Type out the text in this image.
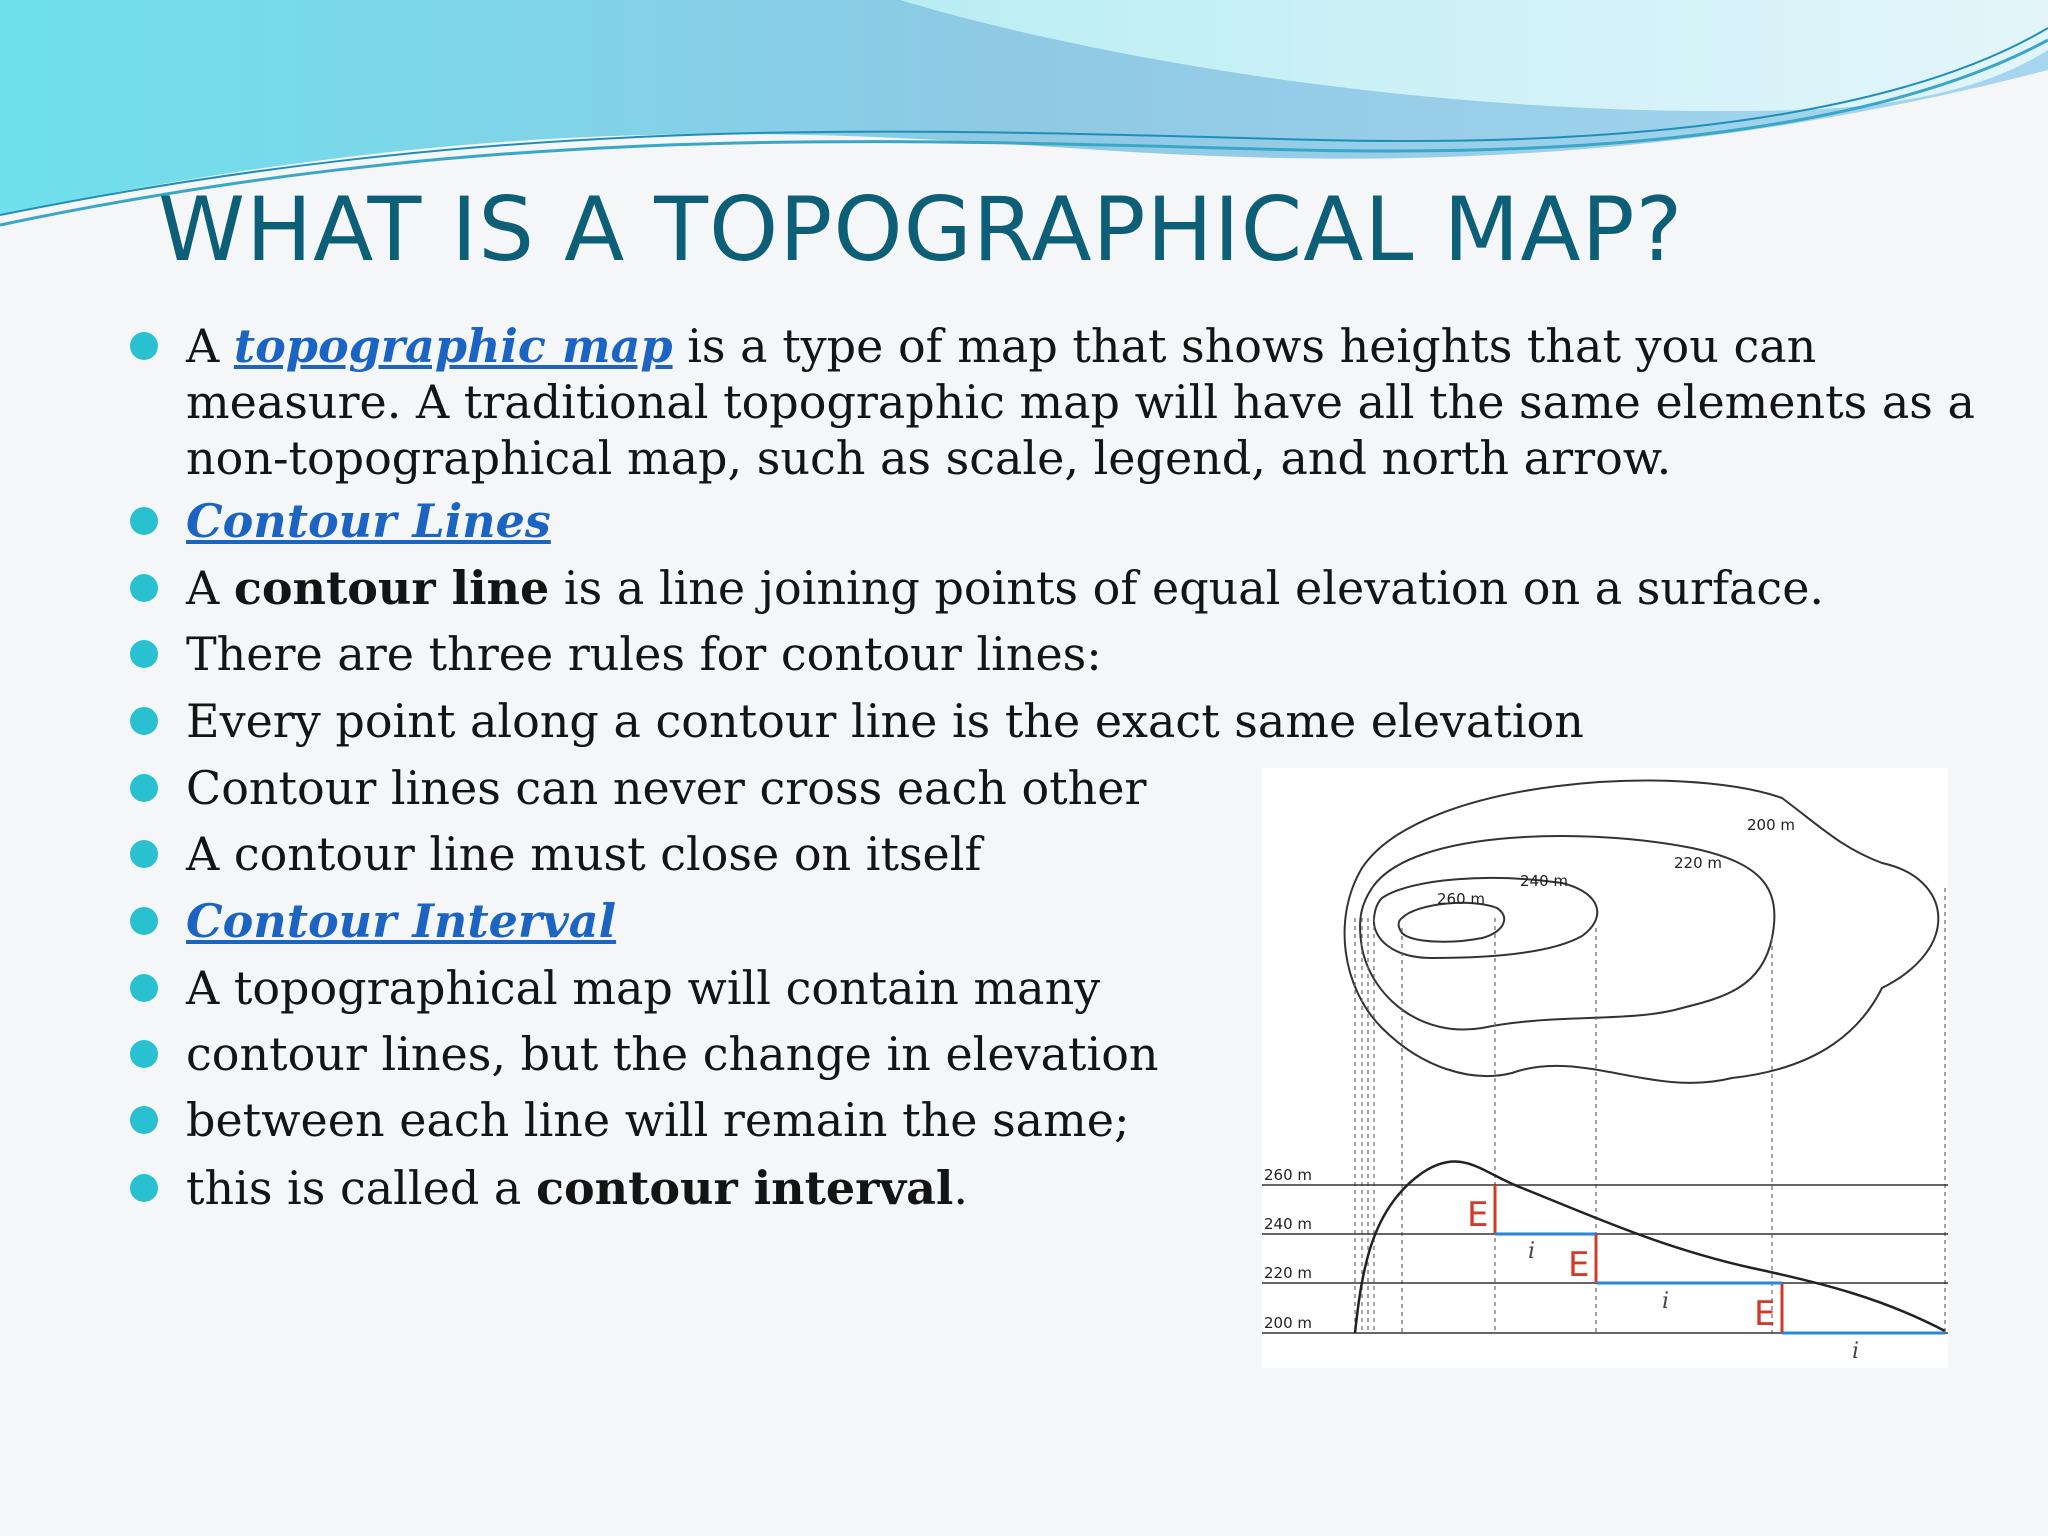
WHAT IS A TOPOGRAPHICAL MAP?
A topographic map is a type of map that shows heights that you can
measure. A traditional topographic map will have all the same elements as a
non-topographical map, such as scale, legend, and north arrow.
Contour Lines
A contour line is a line joining points of equal elevation on a surface.
There are three rules for contour lines:
Every point along a contour line is the exact same elevation
Contour lines can never cross each other
A contour line must close on itself
Contour Interval
A topographical map will contain many
contour lines, but the change in elevation
between each line will remain the same;
this is called a contour interval.
200 m
220 m
240 m
260 m
260 m
240 m
220 m
200 m
E
E
E
i
i
i
